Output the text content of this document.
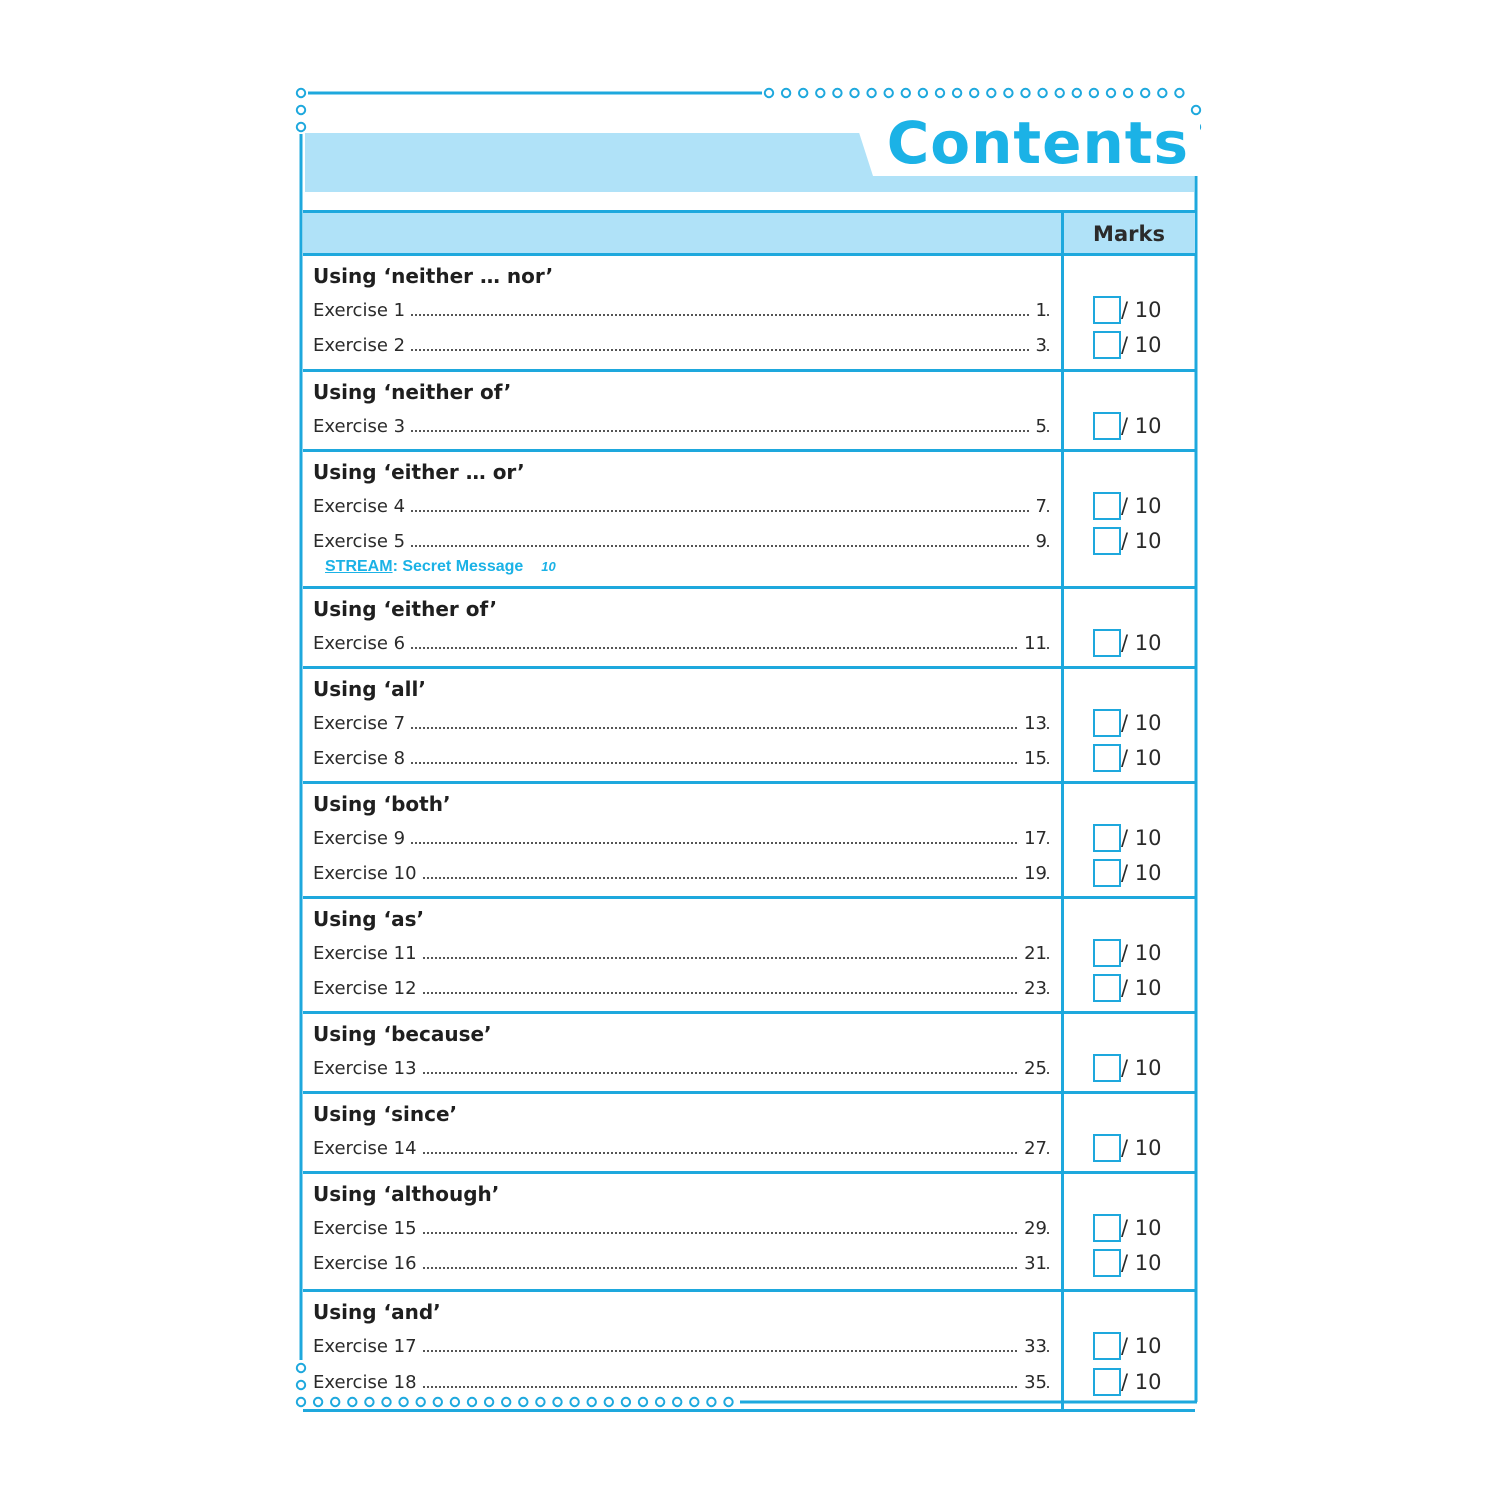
Contents
Marks
Using ‘neither … nor’
Exercise 1	1	/ 10
Exercise 2	3	/ 10
Using ‘neither of’
Exercise 3	5	/ 10
Using ‘either … or’
Exercise 4	7	/ 10
Exercise 5	9	/ 10
STREAM: Secret Message 10
Using ‘either of’
Exercise 6	11	/ 10
Using ‘all’
Exercise 7	13	/ 10
Exercise 8	15	/ 10
Using ‘both’
Exercise 9	17	/ 10
Exercise 10	19	/ 10
Using ‘as’
Exercise 11	21	/ 10
Exercise 12	23	/ 10
Using ‘because’
Exercise 13	25	/ 10
Using ‘since’
Exercise 14	27	/ 10
Using ‘although’
Exercise 15	29	/ 10
Exercise 16	31	/ 10
Using ‘and’
Exercise 17	33	/ 10
Exercise 18	35	/ 10
